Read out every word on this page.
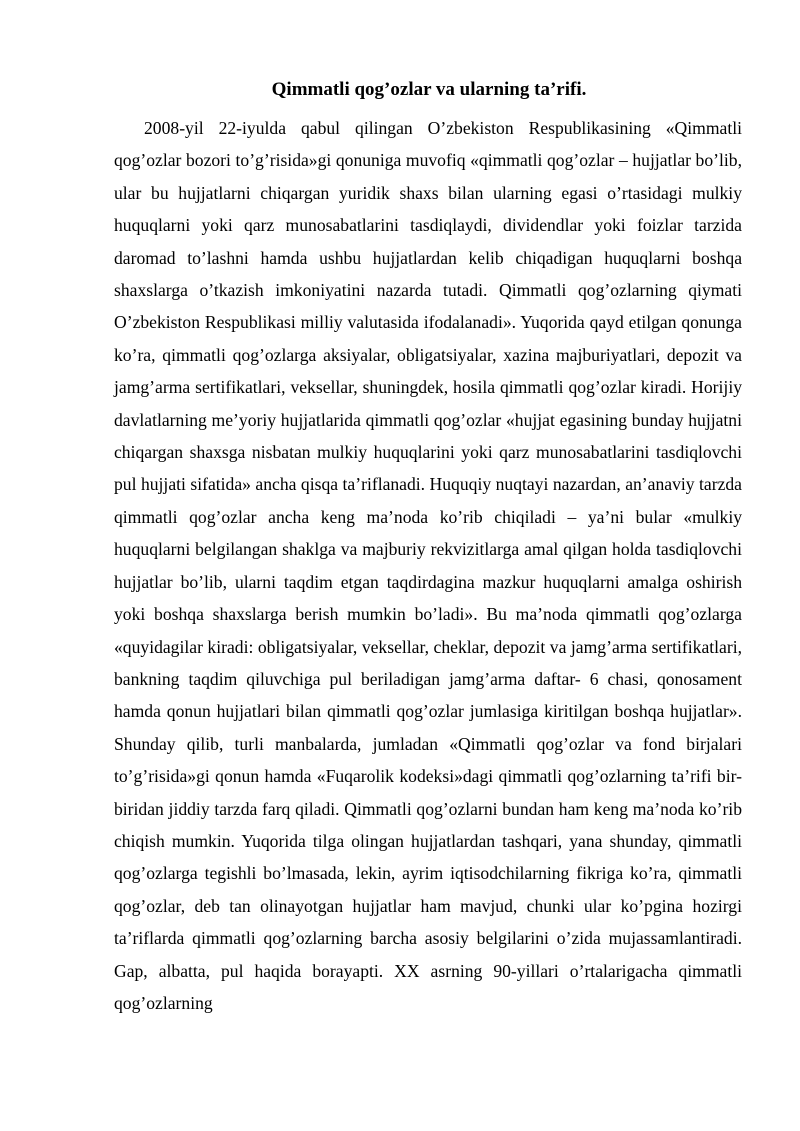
Qimmatli qog’ozlar va ularning ta’rifi.

2008-yil 22-iyulda qabul qilingan O’zbekiston Respublikasining «Qimmatli qog’ozlar bozori to’g’risida»gi qonuniga muvofiq «qimmatli qog’ozlar – hujjatlar bo’lib, ular bu hujjatlarni chiqargan yuridik shaxs bilan ularning egasi o’rtasidagi mulkiy huquqlarni yoki qarz munosabatlarini tasdiqlaydi, dividendlar yoki foizlar tarzida daromad to’lashni hamda ushbu hujjatlardan kelib chiqadigan huquqlarni boshqa shaxslarga o’tkazish imkoniyatini nazarda tutadi. Qimmatli qog’ozlarning qiymati O’zbekiston Respublikasi milliy valutasida ifodalanadi». Yuqorida qayd etilgan qonunga ko’ra, qimmatli qog’ozlarga aksiyalar, obligatsiyalar, xazina majburiyatlari, depozit va jamg’arma sertifikatlari, veksellar, shuningdek, hosila qimmatli qog’ozlar kiradi. Horijiy davlatlarning me’yoriy hujjatlarida qimmatli qog’ozlar «hujjat egasining bunday hujjatni chiqargan shaxsga nisbatan mulkiy huquqlarini yoki qarz munosabatlarini tasdiqlovchi pul hujjati sifatida» ancha qisqa ta’riflanadi. Huquqiy nuqtayi nazardan, an’anaviy tarzda qimmatli qog’ozlar ancha keng ma’noda ko’rib chiqiladi – ya’ni bular «mulkiy huquqlarni belgilangan shaklga va majburiy rekvizitlarga amal qilgan holda tasdiqlovchi hujjatlar bo’lib, ularni taqdim etgan taqdirdagina mazkur huquqlarni amalga oshirish yoki boshqa shaxslarga berish mumkin bo’ladi». Bu ma’noda qimmatli qog’ozlarga «quyidagilar kiradi: obligatsiyalar, veksellar, cheklar, depozit va jamg’arma sertifikatlari, bankning taqdim qiluvchiga pul beriladigan jamg’arma daftar- 6 chasi, qonosament hamda qonun hujjatlari bilan qimmatli qog’ozlar jumlasiga kiritilgan boshqa hujjatlar». Shunday qilib, turli manbalarda, jumladan «Qimmatli qog’ozlar va fond birjalari to’g’risida»gi qonun hamda «Fuqarolik kodeksi»dagi qimmatli qog’ozlarning ta’rifi bir-biridan jiddiy tarzda farq qiladi. Qimmatli qog’ozlarni bundan ham keng ma’noda ko’rib chiqish mumkin. Yuqorida tilga olingan hujjatlardan tashqari, yana shunday, qimmatli qog’ozlarga tegishli bo’lmasada, lekin, ayrim iqtisodchilarning fikriga ko’ra, qimmatli qog’ozlar, deb tan olinayotgan hujjatlar ham mavjud, chunki ular ko’pgina hozirgi ta’riflarda qimmatli qog’ozlarning barcha asosiy belgilarini o’zida mujassamlantiradi. Gap, albatta, pul haqida borayapti. XX asrning 90-yillari o’rtalarigacha qimmatli qog’ozlarning
